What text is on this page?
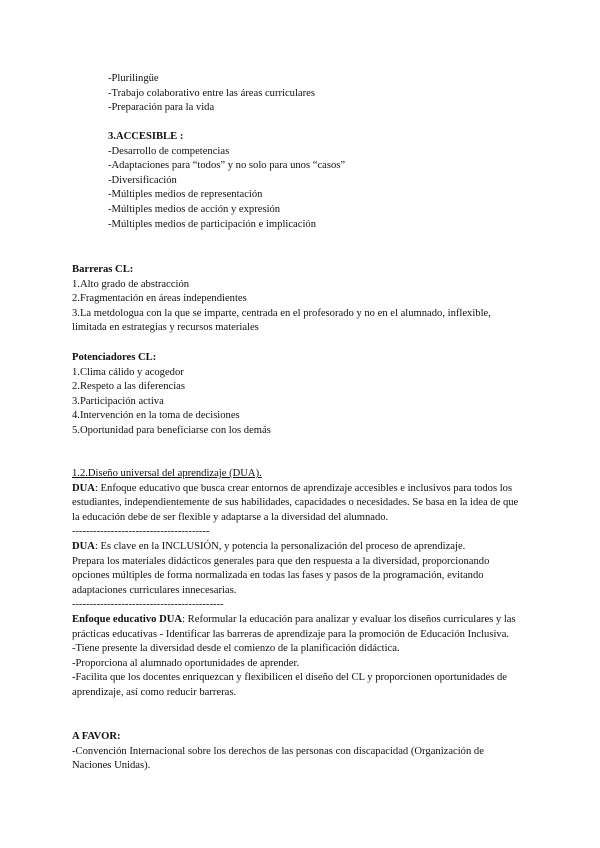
-Plurilingüe

-Trabajo colaborativo entre las áreas curriculares

-Preparación para la vida

3.ACCESIBLE :

-Desarrollo de competencias

-Adaptaciones para “todos” y no solo para unos “casos”

-Diversificación

-Múltiples medios de representación

-Múltiples medios de acción y expresión

-Múltiples medios de participación e implicación

Barreras CL:

1.Alto grado de abstracción

2.Fragmentación en áreas independientes

3.La metdologua con la que se imparte, centrada en el profesorado y no en el alumnado, inflexible, limitada en estrategias y recursos materiales

Potenciadores CL:

1.Clima cálido y acogedor

2.Respeto a las diferencias

3.Participación activa

4.Intervención en la toma de decisiones

5.Oportunidad para beneficiarse con los demás

1.2.Diseño universal del aprendizaje (DUA).

DUA: Enfoque educativo que busca crear entornos de aprendizaje accesibles e inclusivos para todos los estudiantes, independientemente de sus habilidades, capacidades o necesidades. Se basa en la idea de que la educación debe de ser flexible y adaptarse a la diversidad del alumnado.

---------------------------------------

DUA: Es clave en la INCLUSIÓN, y potencia la personalización del proceso de aprendizaje.

Prepara los materiales didácticos generales para que den respuesta a la diversidad, proporcionando opciones múltiples de forma normalizada en todas las fases y pasos de la programación, evitando adaptaciones curriculares innecesarias.

-------------------------------------------

Enfoque educativo DUA: Reformular la educación para analizar y evaluar los diseños curriculares y las prácticas educativas - Identificar las barreras de aprendizaje para la promoción de Educación Inclusiva.

-Tiene presente la diversidad desde el comienzo de la planificación didáctica.

-Proporciona al alumnado oportunidades de aprender.

-Facilita que los docentes enriquezcan y flexibilicen el diseño del CL y proporcionen oportunidades de aprendizaje, así como reducir barreras.

A FAVOR:

-Convención Internacional sobre los derechos de las personas con discapacidad (Organización de Naciones Unidas).
